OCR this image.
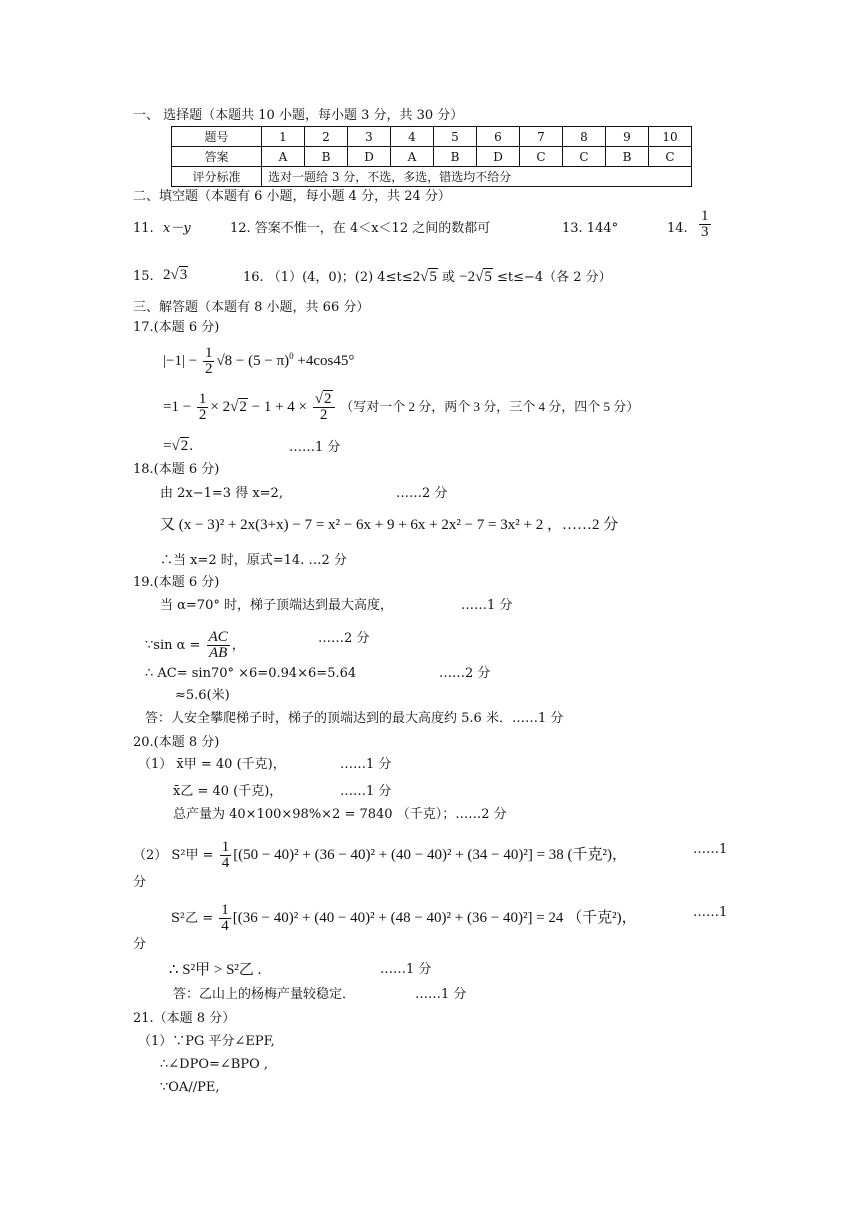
一、 选择题（本题共 10 小题，每小题 3 分，共 30 分）
题号	1	2	3	4	5	6	7	8	9	10
答案	A	B	D	A	B	D	C	C	B	C
评分标准	选对一题给 3 分，不选，多选，错选均不给分									
二、填空题（本题有 6 小题，每小题 4 分，共 24 分）
11. x－y	12. 答案不惟一，在 4＜x＜12 之间的数都可	13. 144°	14. $\frac{1}{3}$
15. 2√3	16. （1）(4，0)；(2) 4≤t≤2√5 或 −2√5 ≤t≤−4（各 2 分）
三、解答题（本题有 8 小题，共 66 分）
17.(本题 6 分)
$|-1| - \frac{1}{2} √8 - (5 - \pi)^0 +4\cos 45^\circ$
$=1 - \frac{1}{2} \times 2√2 - 1 + 4 \times \frac{√2}{2}$ （写对一个 2 分，两个 3 分，三个 4 分，四个 5 分）
=√2.	……1 分
18.(本题 6 分)
由 2x−1=3 得 x=2,	……2 分
又 (x − 3)² + 2x(3+x) − 7 = x² − 6x + 9 + 6x + 2x² − 7 = 3x² + 2 ，……2 分
∴当 x=2 时，原式=14. …2 分
19.(本题 6 分)
当 α=70° 时，梯子顶端达到最大高度，	……1 分
∵sin $\alpha = \frac{AC}{AB}$ ，	……2 分
∴ AC= sin70° ×6=0.94×6=5.64	……2 分
≈5.6(米)
答：人安全攀爬梯子时，梯子的顶端达到的最大高度约 5.6 米．……1 分
20.(本题 8 分)
（1） x̄甲 = 40 (千克)，	……1 分
x̄乙 = 40 (千克)，	……1 分
总产量为 40×100×98%×2 = 7840 （千克）；……2 分
（2） S²甲 = $\frac{1}{4} [(50 - 40)^2 + (36 - 40)^2 + (40 - 40)^2 + (34 - 40)^2] = 38$ (千克²)，	……1
分
S²乙 = $\frac{1}{4} [(36 - 40)^2 + (40 - 40)^2 + (48 - 40)^2 + (36 - 40)^2] = 24$ （千克²)，	……1
分
∴ S²甲 > S²乙 .	……1 分
答：乙山上的杨梅产量较稳定．	……1 分
21.（本题 8 分）
（1）∵PG 平分∠EPF,
∴∠DPO=∠BPO ,
∵OA//PE,
